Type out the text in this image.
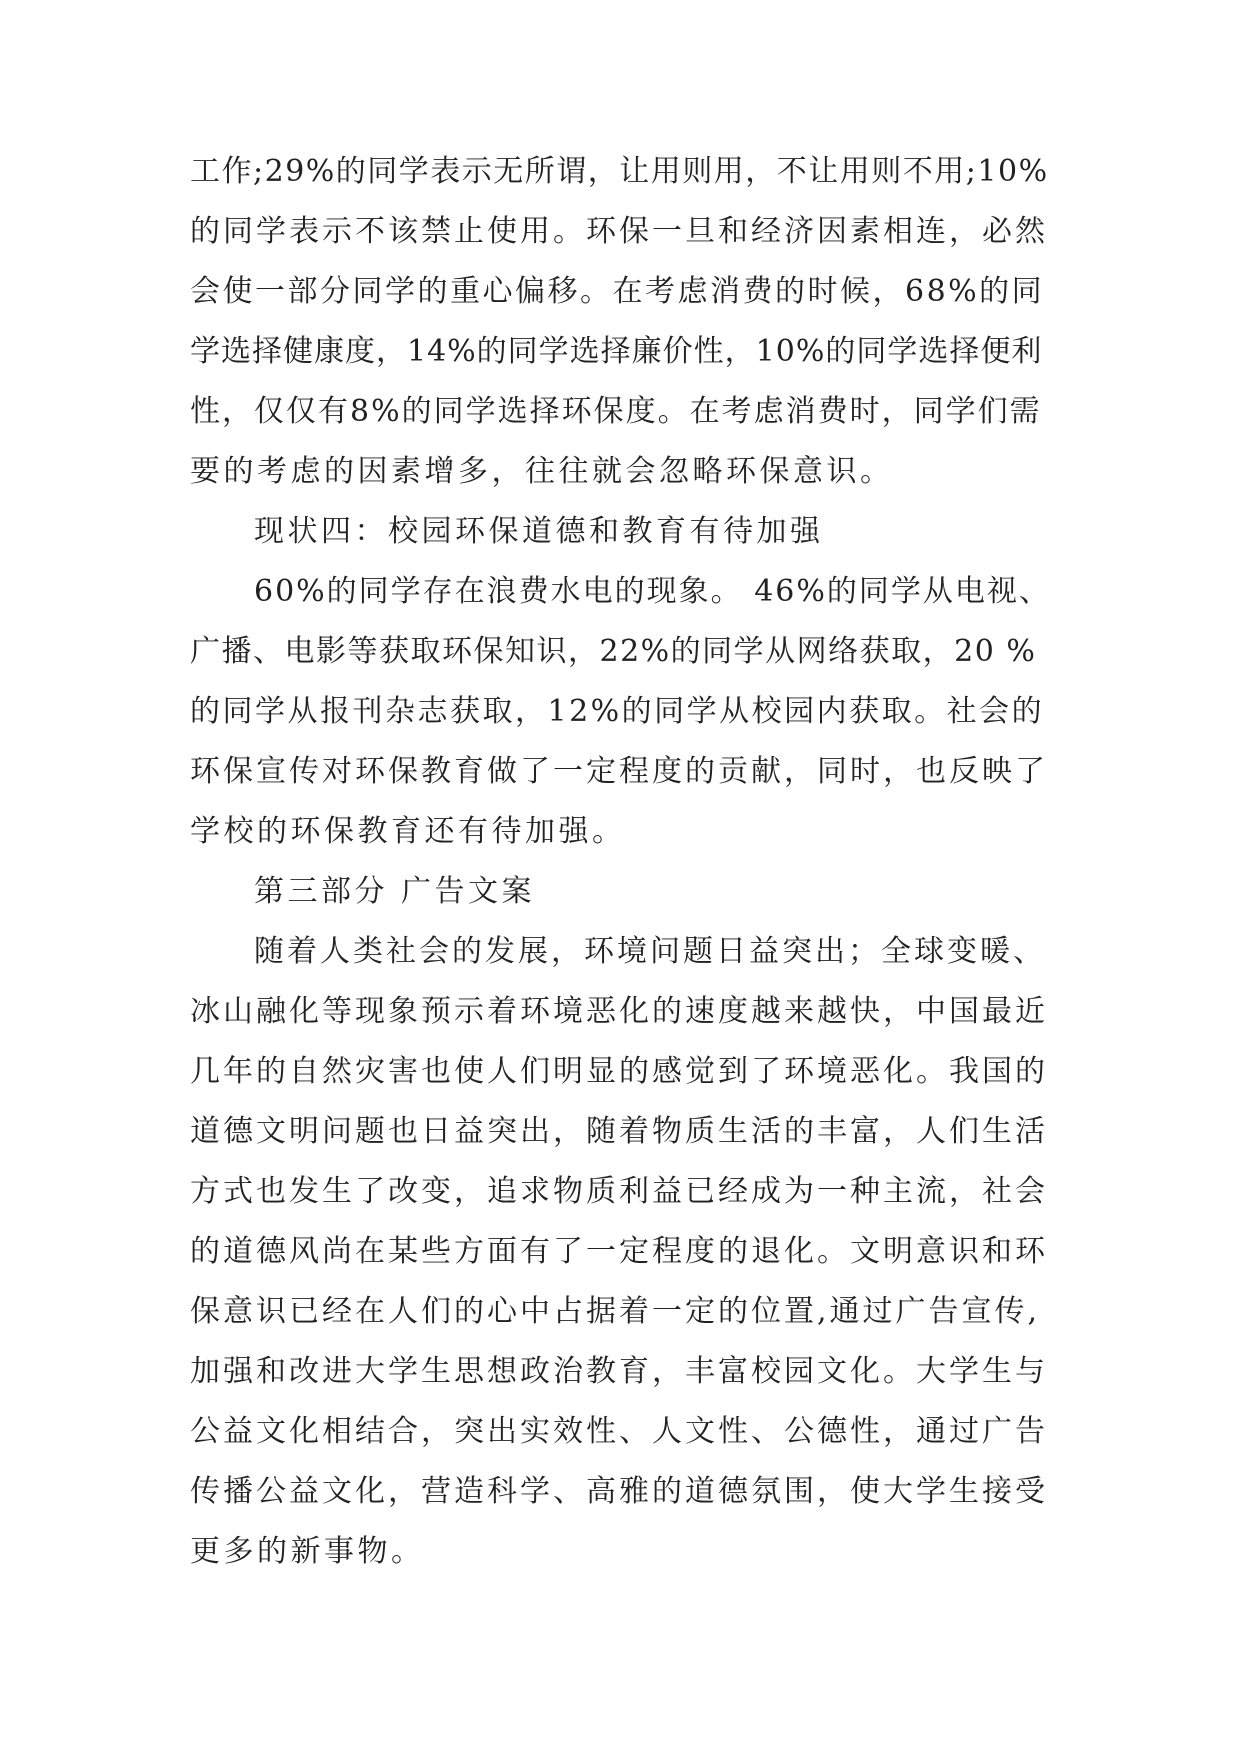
工作;29%的同学表示无所谓，让用则用，不让用则不用;10%
的同学表示不该禁止使用。环保一旦和经济因素相连，必然
会使一部分同学的重心偏移。在考虑消费的时候，68%的同
学选择健康度，14%的同学选择廉价性，10%的同学选择便利
性，仅仅有8%的同学选择环保度。在考虑消费时，同学们需
要的考虑的因素增多，往往就会忽略环保意识。
现状四：校园环保道德和教育有待加强
60%的同学存在浪费水电的现象。 46%的同学从电视、
广播、电影等获取环保知识，22%的同学从网络获取，20 %
的同学从报刊杂志获取，12%的同学从校园内获取。社会的
环保宣传对环保教育做了一定程度的贡献，同时，也反映了
学校的环保教育还有待加强。
第三部分 广告文案
随着人类社会的发展，环境问题日益突出；全球变暖、
冰山融化等现象预示着环境恶化的速度越来越快，中国最近
几年的自然灾害也使人们明显的感觉到了环境恶化。我国的
道德文明问题也日益突出，随着物质生活的丰富，人们生活
方式也发生了改变，追求物质利益已经成为一种主流，社会
的道德风尚在某些方面有了一定程度的退化。文明意识和环
保意识已经在人们的心中占据着一定的位置,通过广告宣传,
加强和改进大学生思想政治教育，丰富校园文化。大学生与
公益文化相结合，突出实效性、人文性、公德性，通过广告
传播公益文化，营造科学、高雅的道德氛围，使大学生接受
更多的新事物。
